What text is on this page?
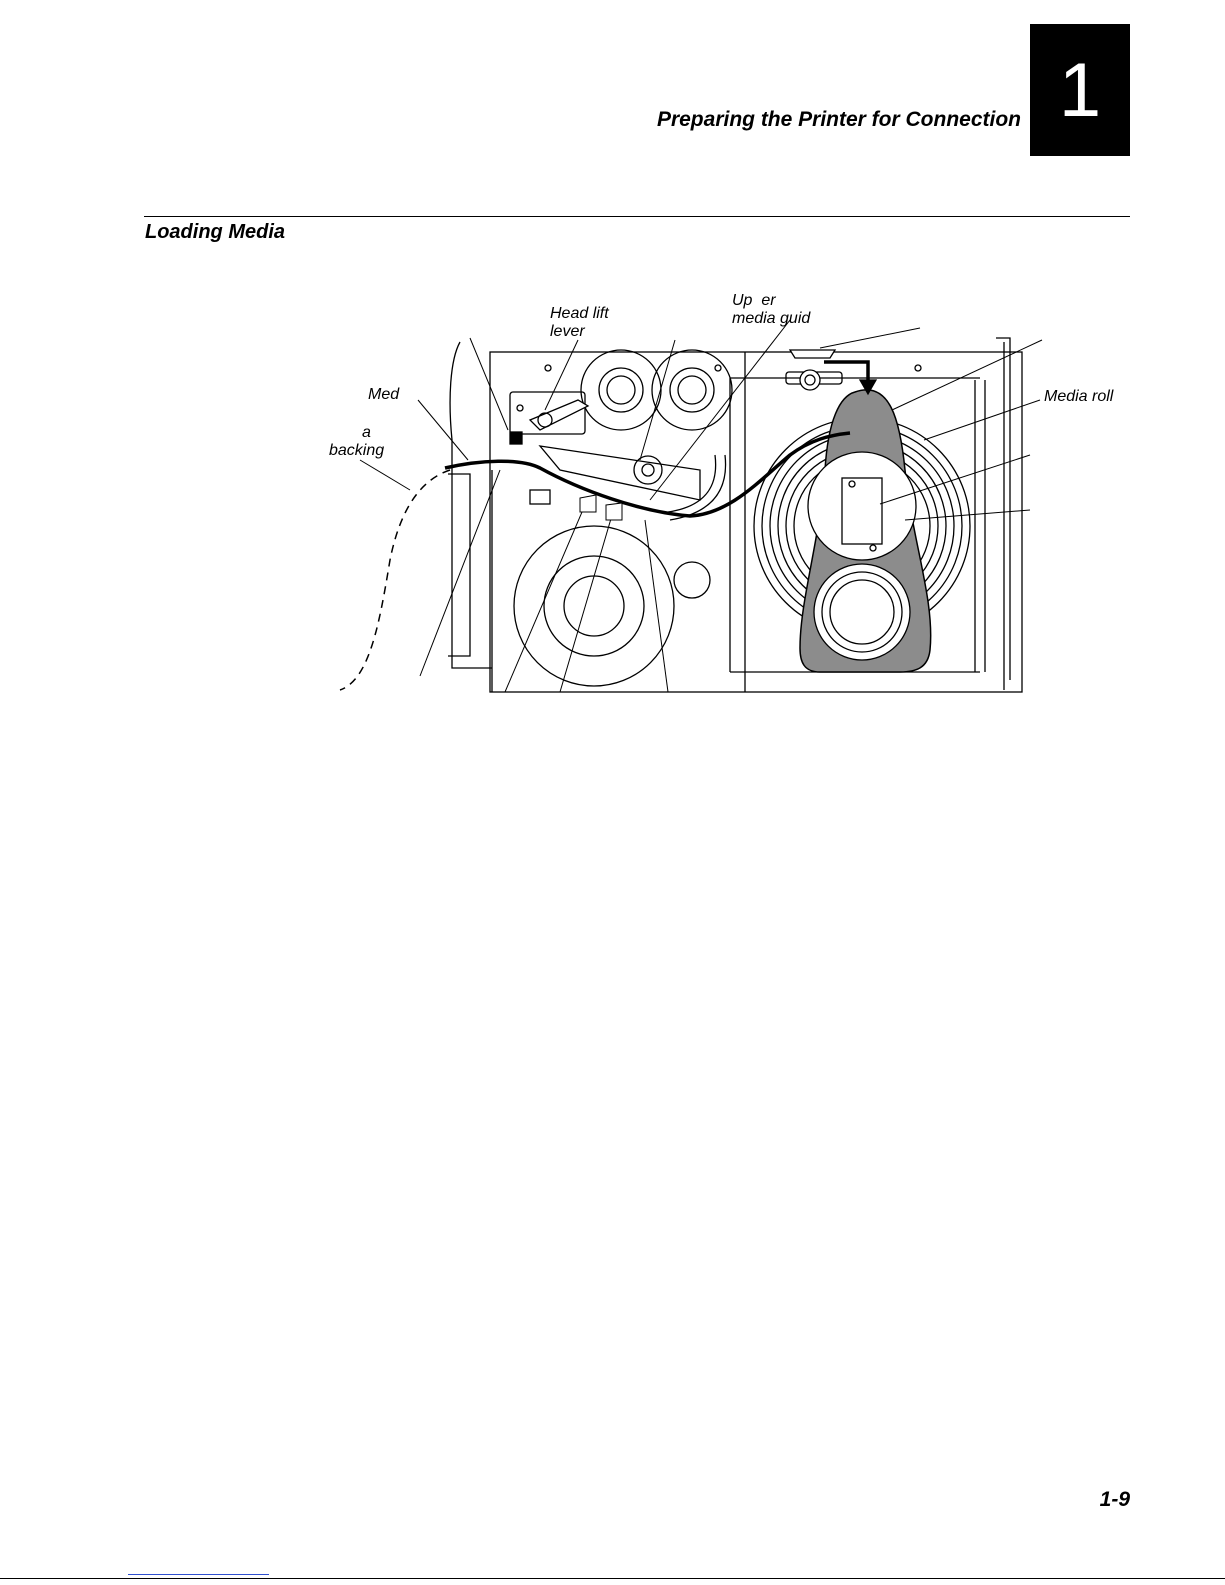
1
Preparing the Printer for Connection
Loading Media
Head lift
lever
Up  er
media guid
Med
a
backing
Media roll
1-9
